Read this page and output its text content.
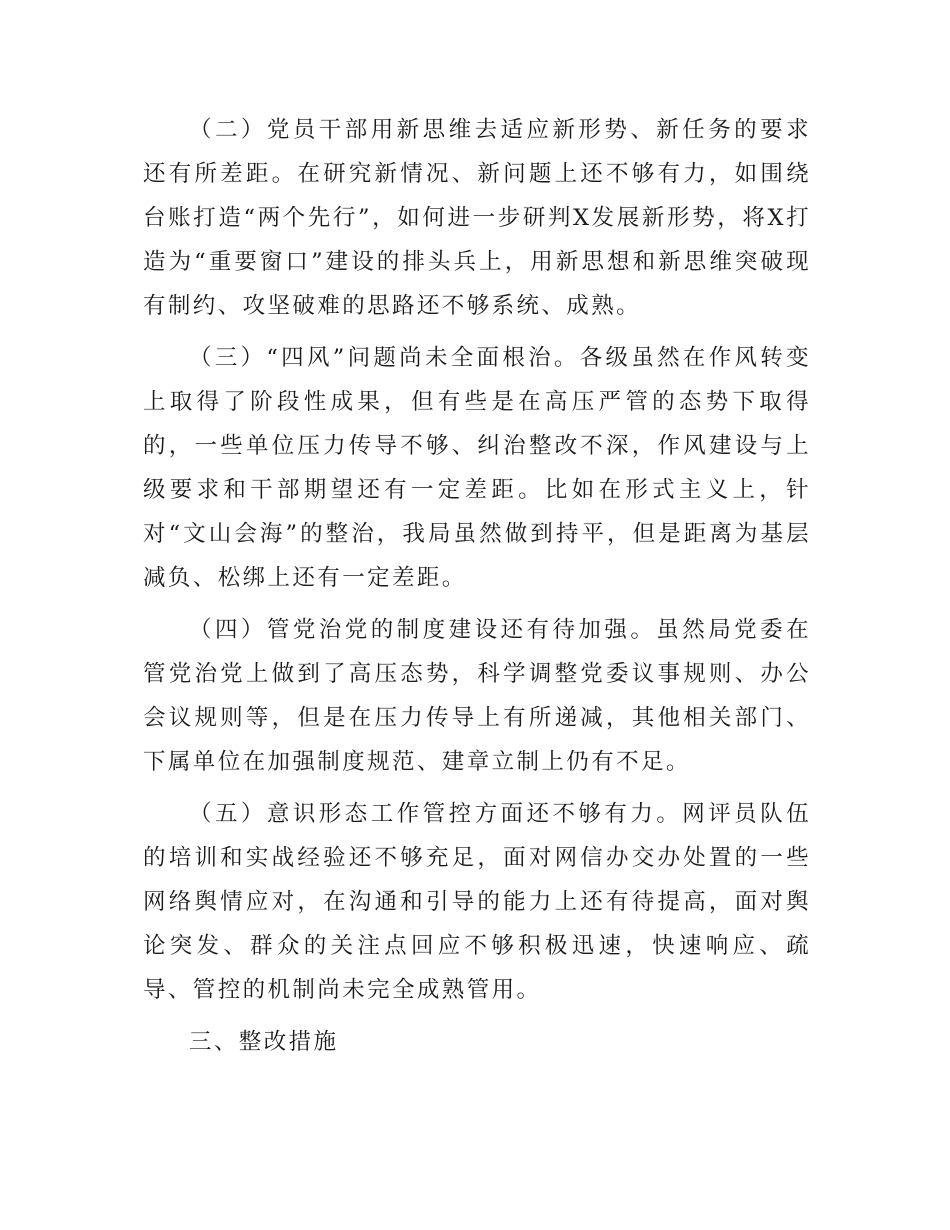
（二）党员干部用新思维去适应新形势、新任务的要求还有所差距。在研究新情况、新问题上还不够有力，如围绕台账打造“两个先行”，如何进一步研判X发展新形势，将X打造为“重要窗口”建设的排头兵上，用新思想和新思维突破现有制约、攻坚破难的思路还不够系统、成熟。

（三）“四风”问题尚未全面根治。各级虽然在作风转变上取得了阶段性成果，但有些是在高压严管的态势下取得的，一些单位压力传导不够、纠治整改不深，作风建设与上级要求和干部期望还有一定差距。比如在形式主义上，针对“文山会海”的整治，我局虽然做到持平，但是距离为基层减负、松绑上还有一定差距。

（四）管党治党的制度建设还有待加强。虽然局党委在管党治党上做到了高压态势，科学调整党委议事规则、办公会议规则等，但是在压力传导上有所递减，其他相关部门、下属单位在加强制度规范、建章立制上仍有不足。

（五）意识形态工作管控方面还不够有力。网评员队伍的培训和实战经验还不够充足，面对网信办交办处置的一些网络舆情应对，在沟通和引导的能力上还有待提高，面对舆论突发、群众的关注点回应不够积极迅速，快速响应、疏导、管控的机制尚未完全成熟管用。

三、整改措施
